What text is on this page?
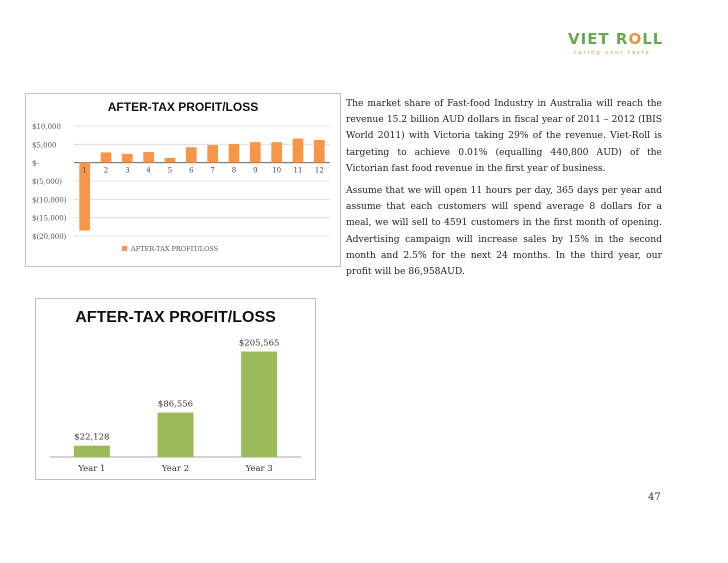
VIET ROLL
spring your taste
AFTER-TAX PROFIT/LOSS
$10,000
$5,000
$-
$(5,000)
$(10,000)
$(15,000)
$(20,000)
1 2 3 4 5 6 7 8 9 10 11 12
AFTER-TAX PROFIT/LOSS
AFTER-TAX PROFIT/LOSS
$22,128
Year 1
$86,556
Year 2
$205,565
Year 3

The market share of Fast-food Industry in Australia will reach the revenue 15.2 billion AUD dollars in fiscal year of 2011 – 2012 (IBIS World 2011) with Victoria taking 29% of the revenue. Viet-Roll is targeting to achieve 0.01% (equalling 440,800 AUD) of the Victorian fast food revenue in the first year of business.

Assume that we will open 11 hours per day, 365 days per year and assume that each customers will spend average 8 dollars for a meal, we will sell to 4591 customers in the first month of opening. Advertising campaign will increase sales by 15% in the second month and 2.5% for the next 24 months. In the third year, our profit will be 86,958AUD.

47
